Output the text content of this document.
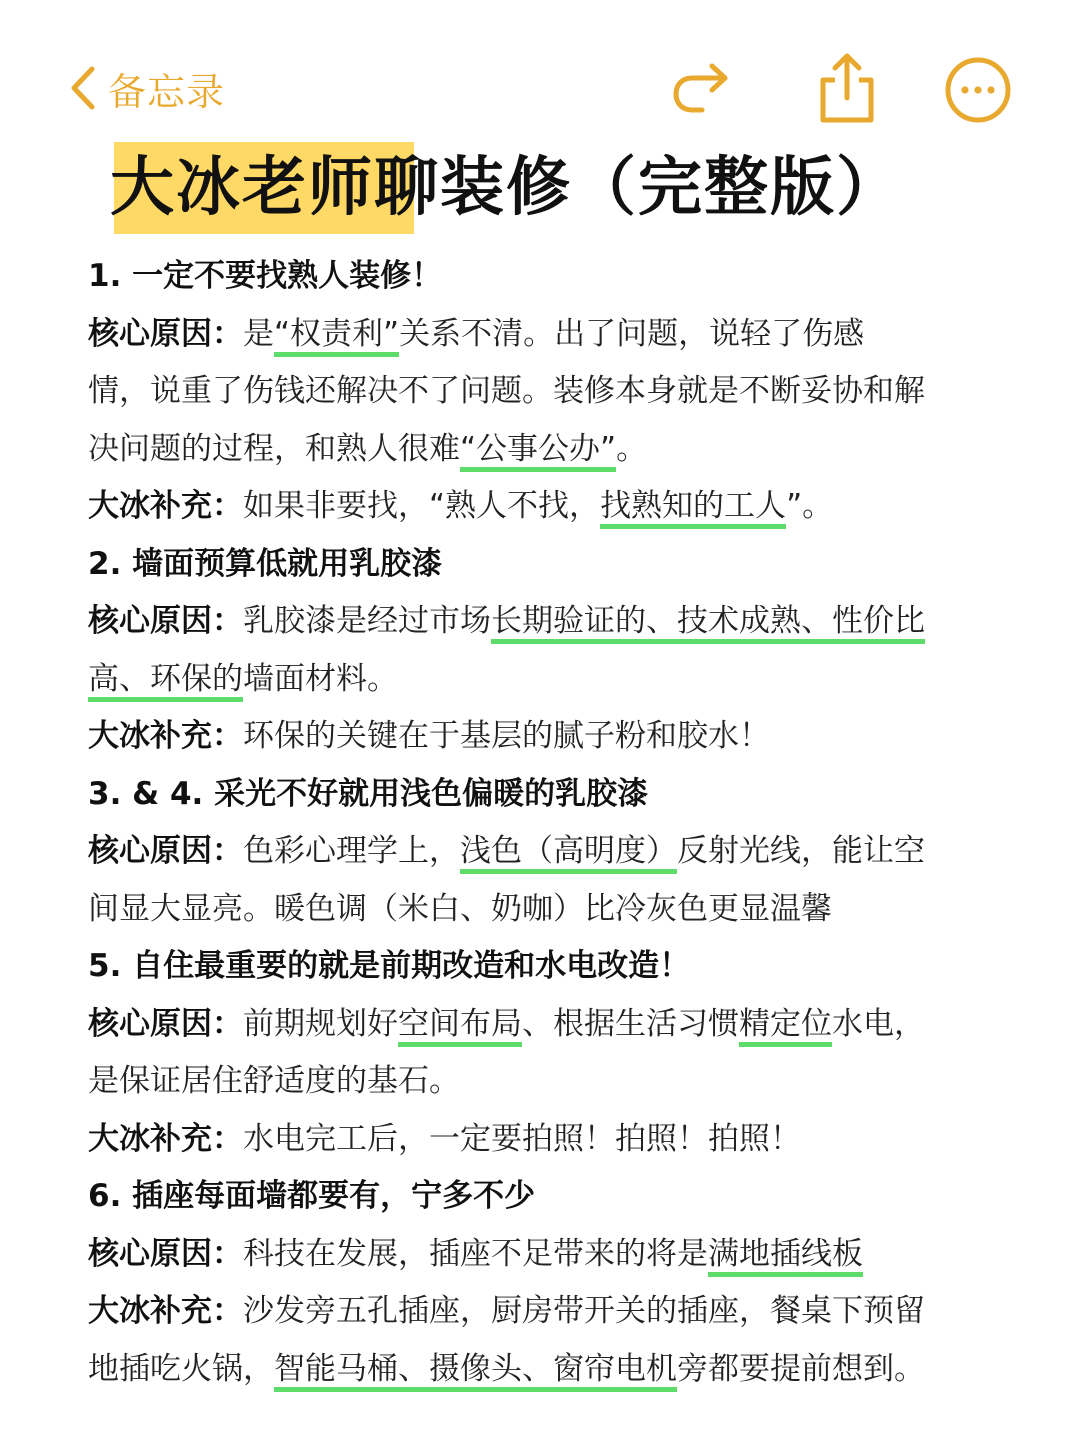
备忘录
大冰老师聊装修（完整版）
1. 一定不要找熟人装修！
核心原因：是“权责利”关系不清。出了问题，说轻了伤感
情，说重了伤钱还解决不了问题。装修本身就是不断妥协和解
决问题的过程，和熟人很难“公事公办”。
大冰补充：如果非要找，“熟人不找，找熟知的工人”。
2. 墙面预算低就用乳胶漆
核心原因：乳胶漆是经过市场长期验证的、技术成熟、性价比
高、环保的墙面材料。
大冰补充：环保的关键在于基层的腻子粉和胶水！
3. & 4. 采光不好就用浅色偏暖的乳胶漆
核心原因：色彩心理学上，浅色（高明度）反射光线，能让空
间显大显亮。暖色调（米白、奶咖）比冷灰色更显温馨
5. 自住最重要的就是前期改造和水电改造！
核心原因：前期规划好空间布局、根据生活习惯精定位水电，
是保证居住舒适度的基石。
大冰补充：水电完工后，一定要拍照！拍照！拍照！
6. 插座每面墙都要有，宁多不少
核心原因：科技在发展，插座不足带来的将是满地插线板
大冰补充：沙发旁五孔插座，厨房带开关的插座，餐桌下预留
地插吃火锅，智能马桶、摄像头、窗帘电机旁都要提前想到。
